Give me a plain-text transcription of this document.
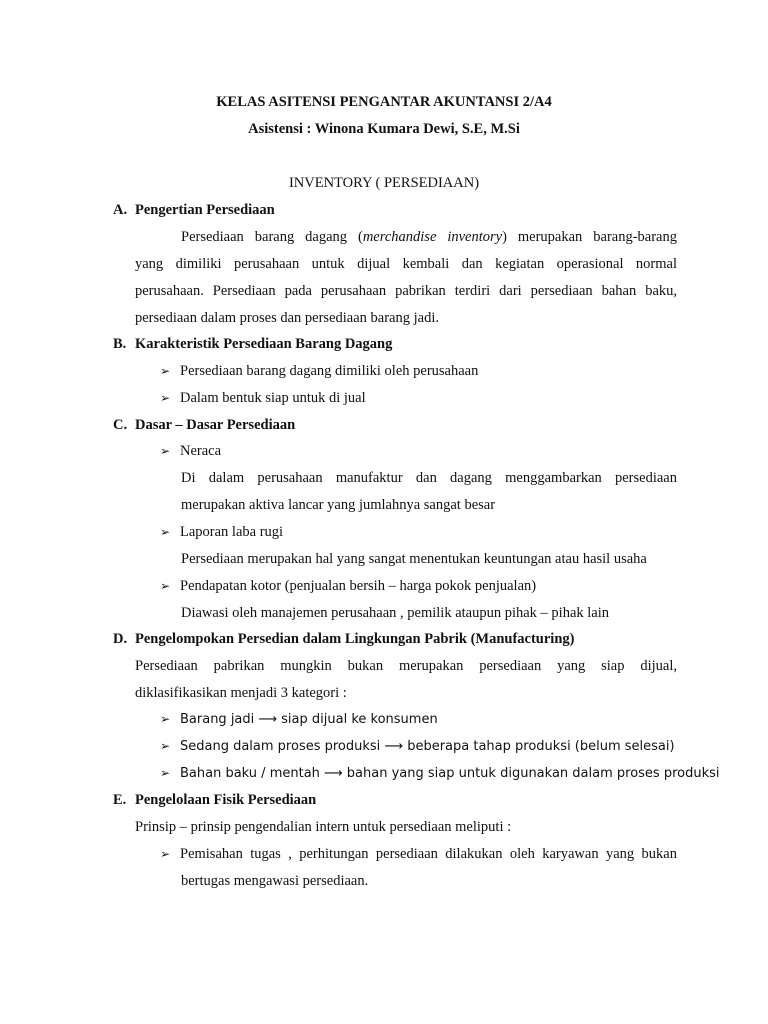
KELAS ASITENSI PENGANTAR AKUNTANSI 2/A4
Asistensi : Winona Kumara Dewi, S.E, M.Si
INVENTORY ( PERSEDIAAN)
A. Pengertian Persediaan
Persediaan barang dagang (merchandise inventory) merupakan barang-barang
yang dimiliki perusahaan untuk dijual kembali dan kegiatan operasional normal
perusahaan. Persediaan pada perusahaan pabrikan terdiri dari persediaan bahan baku,
persediaan dalam proses dan persediaan barang jadi.
B. Karakteristik Persediaan Barang Dagang
➢ Persediaan barang dagang dimiliki oleh perusahaan
➢ Dalam bentuk siap untuk di jual
C. Dasar – Dasar Persediaan
➢ Neraca
Di dalam perusahaan manufaktur dan dagang menggambarkan persediaan
merupakan aktiva lancar yang jumlahnya sangat besar
➢ Laporan laba rugi
Persediaan merupakan hal yang sangat menentukan keuntungan atau hasil usaha
➢ Pendapatan kotor (penjualan bersih – harga pokok penjualan)
Diawasi oleh manajemen perusahaan , pemilik ataupun pihak – pihak lain
D. Pengelompokan Persedian dalam Lingkungan Pabrik (Manufacturing)
Persediaan pabrikan mungkin bukan merupakan persediaan yang siap dijual,
diklasifikasikan menjadi 3 kategori :
➢ Barang jadi ⟶ siap dijual ke konsumen
➢ Sedang dalam proses produksi ⟶ beberapa tahap produksi (belum selesai)
➢ Bahan baku / mentah ⟶ bahan yang siap untuk digunakan dalam proses produksi
E. Pengelolaan Fisik Persediaan
Prinsip – prinsip pengendalian intern untuk persediaan meliputi :
➢ Pemisahan tugas , perhitungan persediaan dilakukan oleh karyawan yang bukan
bertugas mengawasi persediaan.
